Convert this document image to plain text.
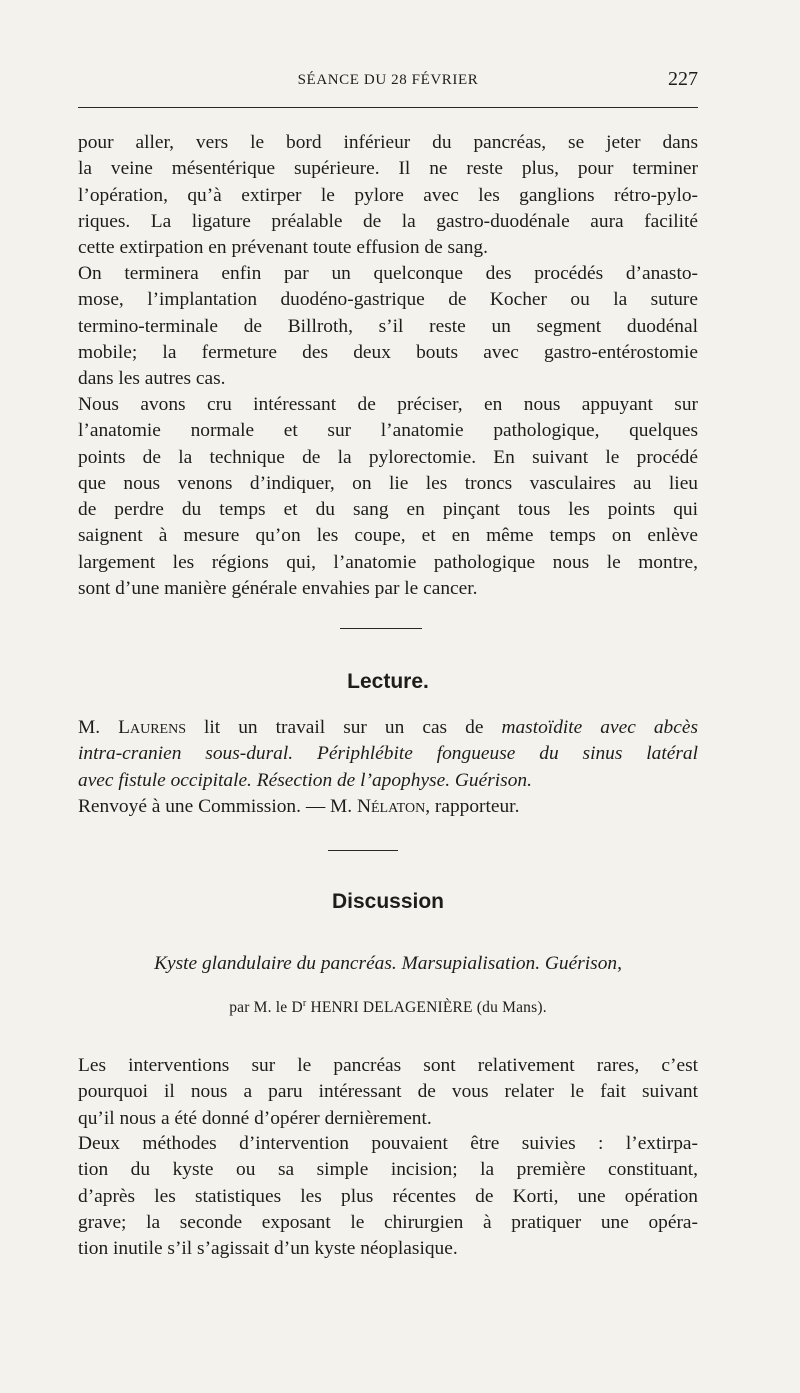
SÉANCE DU 28 FÉVRIER	227
pour aller, vers le bord inférieur du pancréas, se jeter dans
la veine mésentérique supérieure. Il ne reste plus, pour terminer
l’opération, qu’à extirper le pylore avec les ganglions rétro-pylo-
riques. La ligature préalable de la gastro-duodénale aura facilité
cette extirpation en prévenant toute effusion de sang.
On terminera enfin par un quelconque des procédés d’anasto-
mose, l’implantation duodéno-gastrique de Kocher ou la suture
termino-terminale de Billroth, s’il reste un segment duodénal
mobile; la fermeture des deux bouts avec gastro-entérostomie
dans les autres cas.
Nous avons cru intéressant de préciser, en nous appuyant sur
l’anatomie normale et sur l’anatomie pathologique, quelques
points de la technique de la pylorectomie. En suivant le procédé
que nous venons d’indiquer, on lie les troncs vasculaires au lieu
de perdre du temps et du sang en pinçant tous les points qui
saignent à mesure qu’on les coupe, et en même temps on enlève
largement les régions qui, l’anatomie pathologique nous le montre,
sont d’une manière générale envahies par le cancer.
Lecture.
M. Laurens lit un travail sur un cas de mastoïdite avec abcès
intra-cranien sous-dural. Périphlébite fongueuse du sinus latéral
avec fistule occipitale. Résection de l’apophyse. Guérison.
Renvoyé à une Commission. — M. Nélaton, rapporteur.
Discussion
Kyste glandulaire du pancréas. Marsupialisation. Guérison,
par M. le $D^r$ HENRI DELAGENIÈRE (du Mans).
Les interventions sur le pancréas sont relativement rares, c’est
pourquoi il nous a paru intéressant de vous relater le fait suivant
qu’il nous a été donné d’opérer dernièrement.
Deux méthodes d’intervention pouvaient être suivies : l’extirpa-
tion du kyste ou sa simple incision; la première constituant,
d’après les statistiques les plus récentes de Korti, une opération
grave; la seconde exposant le chirurgien à pratiquer une opéra-
tion inutile s’il s’agissait d’un kyste néoplasique.
